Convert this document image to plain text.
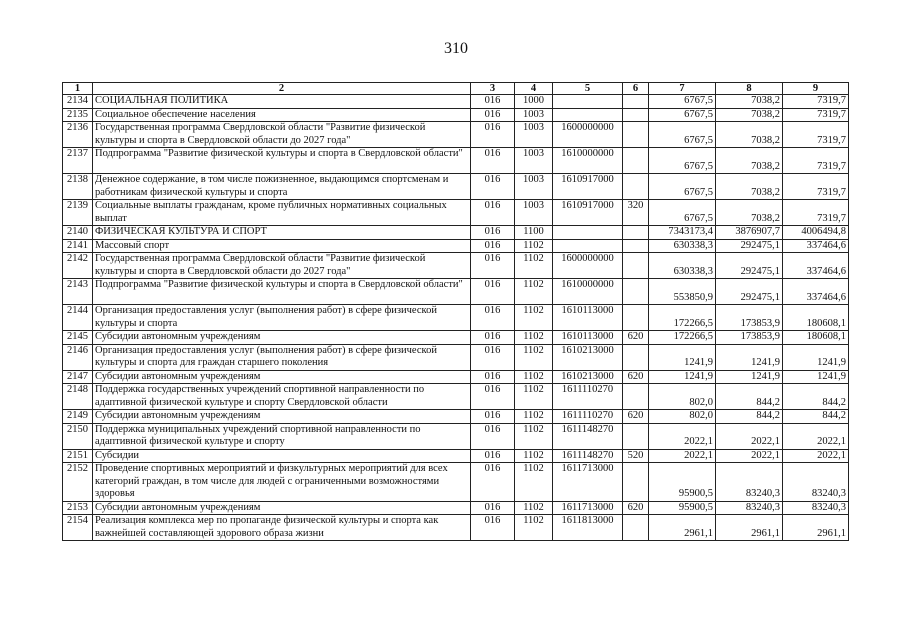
310
1	2	3	4	5	6	7	8	9
2134	СОЦИАЛЬНАЯ ПОЛИТИКА	016	1000			6767,5	7038,2	7319,7
2135	Социальное обеспечение населения	016	1003			6767,5	7038,2	7319,7
2136	Государственная программа Свердловской области "Развитие физической культуры и спорта в Свердловской области до 2027 года"	016	1003	1600000000		6767,5	7038,2	7319,7
2137	Подпрограмма "Развитие физической культуры и спорта в Свердловской области"	016	1003	1610000000		6767,5	7038,2	7319,7
2138	Денежное содержание, в том числе пожизненное, выдающимся спортсменам и работникам физической культуры и спорта	016	1003	1610917000		6767,5	7038,2	7319,7
2139	Социальные выплаты гражданам, кроме публичных нормативных социальных выплат	016	1003	1610917000	320	6767,5	7038,2	7319,7
2140	ФИЗИЧЕСКАЯ КУЛЬТУРА И СПОРТ	016	1100			7343173,4	3876907,7	4006494,8
2141	Массовый спорт	016	1102			630338,3	292475,1	337464,6
2142	Государственная программа Свердловской области "Развитие физической культуры и спорта в Свердловской области до 2027 года"	016	1102	1600000000		630338,3	292475,1	337464,6
2143	Подпрограмма "Развитие физической культуры и спорта в Свердловской области"	016	1102	1610000000		553850,9	292475,1	337464,6
2144	Организация предоставления услуг (выполнения работ) в сфере физической культуры и спорта	016	1102	1610113000		172266,5	173853,9	180608,1
2145	Субсидии автономным учреждениям	016	1102	1610113000	620	172266,5	173853,9	180608,1
2146	Организация предоставления услуг (выполнения работ) в сфере физической культуры и спорта для граждан старшего поколения	016	1102	1610213000		1241,9	1241,9	1241,9
2147	Субсидии автономным учреждениям	016	1102	1610213000	620	1241,9	1241,9	1241,9
2148	Поддержка государственных учреждений спортивной направленности по адаптивной физической культуре и спорту Свердловской области	016	1102	1611110270		802,0	844,2	844,2
2149	Субсидии автономным учреждениям	016	1102	1611110270	620	802,0	844,2	844,2
2150	Поддержка муниципальных учреждений спортивной направленности по адаптивной физической культуре и спорту	016	1102	1611148270		2022,1	2022,1	2022,1
2151	Субсидии	016	1102	1611148270	520	2022,1	2022,1	2022,1
2152	Проведение спортивных мероприятий и физкультурных мероприятий для всех категорий граждан, в том числе для людей с ограниченными возможностями здоровья	016	1102	1611713000		95900,5	83240,3	83240,3
2153	Субсидии автономным учреждениям	016	1102	1611713000	620	95900,5	83240,3	83240,3
2154	Реализация комплекса мер по пропаганде физической культуры и спорта как важнейшей составляющей здорового образа жизни	016	1102	1611813000		2961,1	2961,1	2961,1
